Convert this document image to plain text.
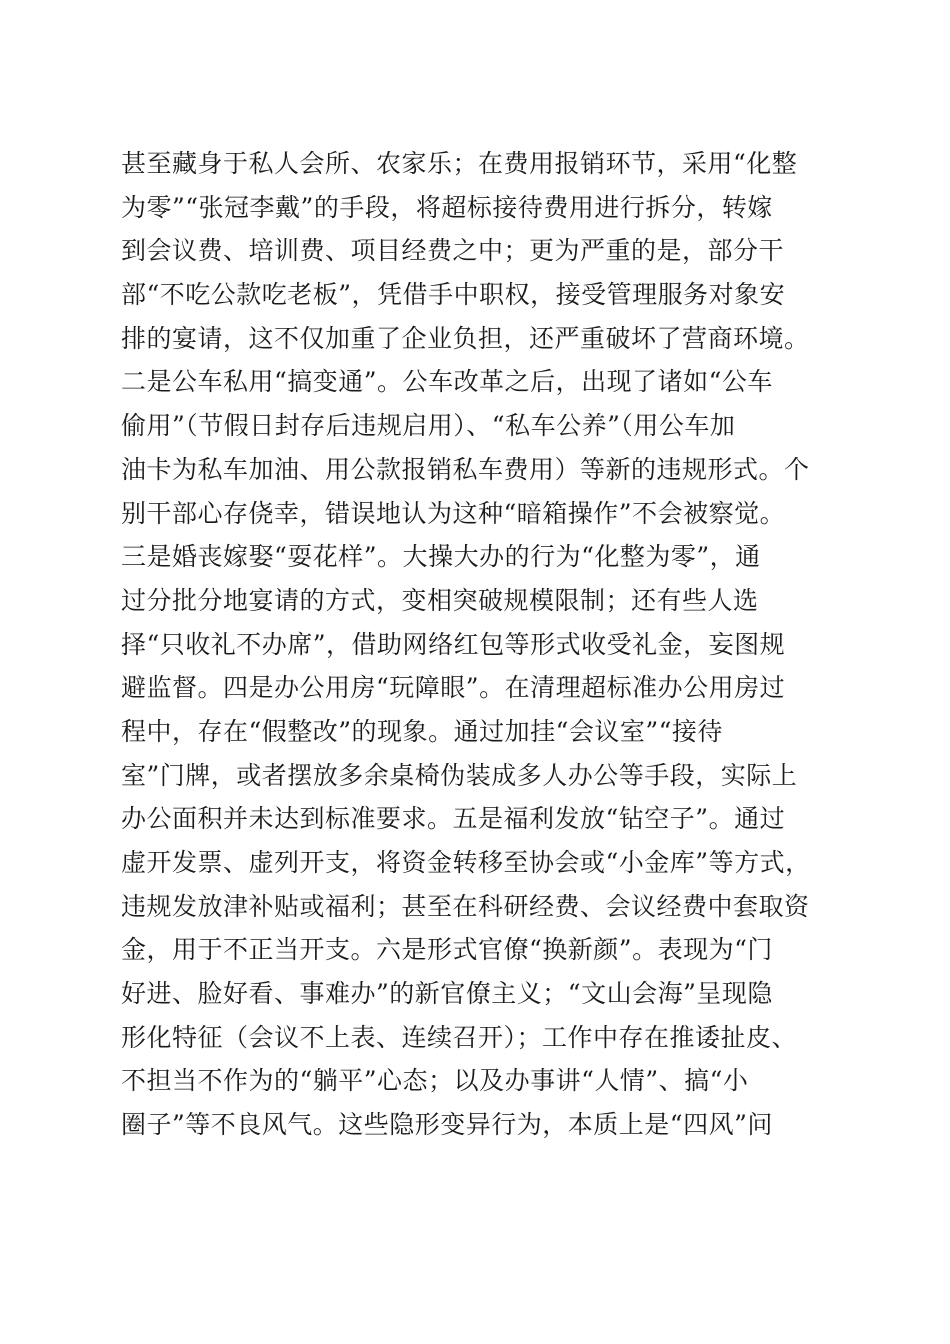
甚至藏身于私人会所、农家乐；在费用报销环节，采用“化整
为零”“张冠李戴”的手段，将超标接待费用进行拆分，转嫁
到会议费、培训费、项目经费之中；更为严重的是，部分干
部“不吃公款吃老板”，凭借手中职权，接受管理服务对象安
排的宴请，这不仅加重了企业负担，还严重破坏了营商环境。
二是公车私用“搞变通”。公车改革之后，出现了诸如“公车
偷用”（节假日封存后违规启用）、“私车公养”（用公车加
油卡为私车加油、用公款报销私车费用）等新的违规形式。个
别干部心存侥幸，错误地认为这种“暗箱操作”不会被察觉。
三是婚丧嫁娶“耍花样”。大操大办的行为“化整为零”，通
过分批分地宴请的方式，变相突破规模限制；还有些人选
择“只收礼不办席”，借助网络红包等形式收受礼金，妄图规
避监督。四是办公用房“玩障眼”。在清理超标准办公用房过
程中，存在“假整改”的现象。通过加挂“会议室”“接待
室”门牌，或者摆放多余桌椅伪装成多人办公等手段，实际上
办公面积并未达到标准要求。五是福利发放“钻空子”。通过
虚开发票、虚列开支，将资金转移至协会或“小金库”等方式，
违规发放津补贴或福利；甚至在科研经费、会议经费中套取资
金，用于不正当开支。六是形式官僚“换新颜”。表现为“门
好进、脸好看、事难办”的新官僚主义；“文山会海”呈现隐
形化特征（会议不上表、连续召开）；工作中存在推诿扯皮、
不担当不作为的“躺平”心态；以及办事讲“人情”、搞“小
圈子”等不良风气。这些隐形变异行为，本质上是“四风”问
